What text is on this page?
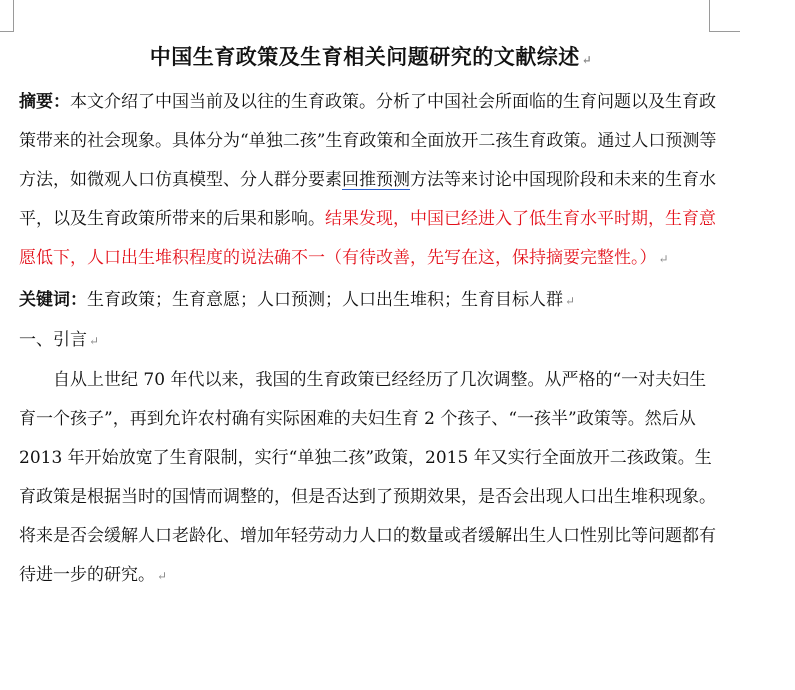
中国生育政策及生育相关问题研究的文献综述 ↵

摘要：本文介绍了中国当前及以往的生育政策。分析了中国社会所面临的生育问题以及生育政策带来的社会现象。具体分为“单独二孩”生育政策和全面放开二孩生育政策。通过人口预测等方法，如微观人口仿真模型、分人群分要素回推预测方法等来讨论中国现阶段和未来的生育水平，以及生育政策所带来的后果和影响。结果发现，中国已经进入了低生育水平时期，生育意愿低下，人口出生堆积程度的说法确不一（有待改善，先写在这，保持摘要完整性。） ↵

关键词：生育政策；生育意愿；人口预测；人口出生堆积；生育目标人群 ↵

一、引言 ↵

自从上世纪 70 年代以来，我国的生育政策已经经历了几次调整。从严格的“一对夫妇生育一个孩子”，再到允许农村确有实际困难的夫妇生育 2 个孩子、“一孩半”政策等。然后从 2013 年开始放宽了生育限制，实行“单独二孩”政策，2015 年又实行全面放开二孩政策。生育政策是根据当时的国情而调整的，但是否达到了预期效果，是否会出现人口出生堆积现象。将来是否会缓解人口老龄化、增加年轻劳动力人口的数量或者缓解出生人口性别比等问题都有待进一步的研究。 ↵
